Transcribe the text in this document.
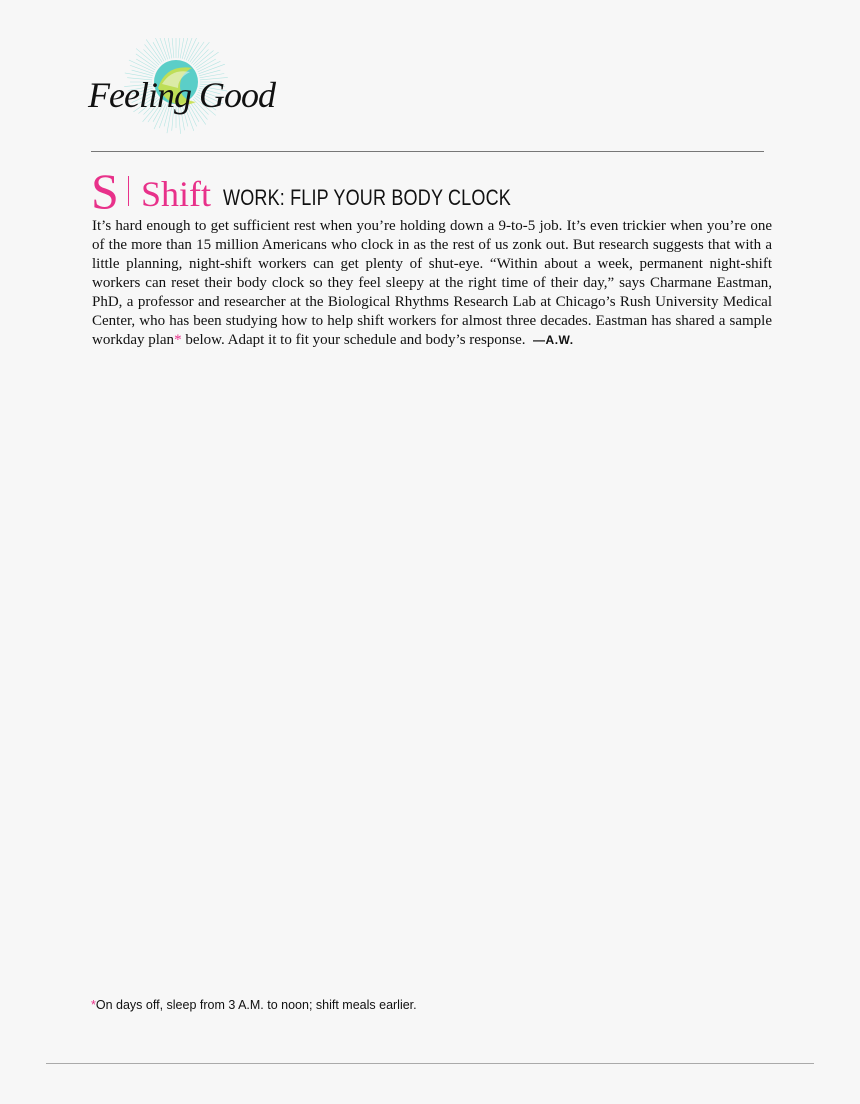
Feeling Good
S Shift WORK: FLIP YOUR BODY CLOCK

It’s hard enough to get sufficient rest when you’re holding down a 9-to-5 job. It’s even trickier when you’re one of the more than 15 million Americans who clock in as the rest of us zonk out. But research suggests that with a little planning, night-shift workers can get plenty of shut-eye. “Within about a week, permanent night-shift workers can reset their body clock so they feel sleepy at the right time of their day,” says Charmane Eastman, PhD, a professor and researcher at the Biological Rhythms Research Lab at Chicago’s Rush University Medical Center, who has been studying how to help shift workers for almost three decades. Eastman has shared a sample workday plan* below. Adapt it to fit your schedule and body’s response. —A.W.

*On days off, sleep from 3 A.M. to noon; shift meals earlier.
